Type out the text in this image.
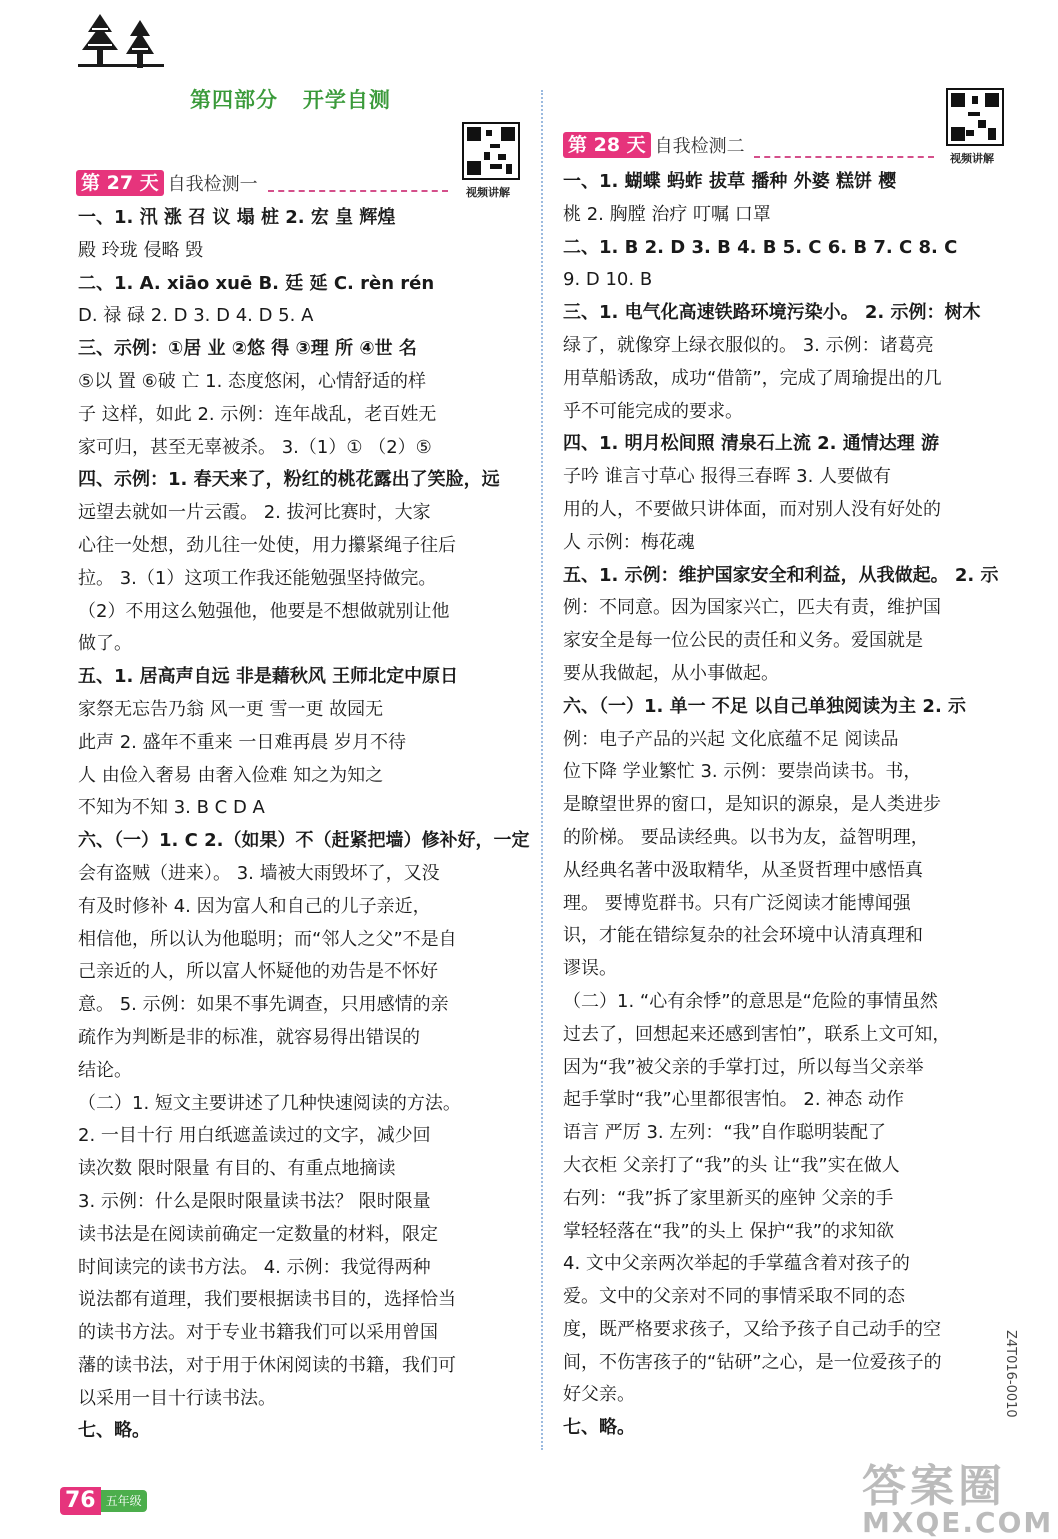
第四部分   开学自测
视频讲解
视频讲解
第 27 天 自我检测一
第 28 天 自我检测二
一、1. 汛 涨 召 议 塌 桩 2. 宏 皇 辉煌
殿 玲珑 侵略 毁
二、1. A. xiāo xuē B. 廷 延 C. rèn rén
D. 禄 碌 2. D 3. D 4. D 5. A
三、示例：①居 业 ②悠 得 ③理 所 ④世 名
⑤以 置 ⑥破 亡 1. 态度悠闲，心情舒适的样
子 这样，如此 2. 示例：连年战乱，老百姓无
家可归，甚至无辜被杀。 3.（1）① （2）⑤
四、示例：1. 春天来了，粉红的桃花露出了笑脸，远
远望去就如一片云霞。 2. 拔河比赛时，大家
心往一处想，劲儿往一处使，用力攥紧绳子往后
拉。 3.（1）这项工作我还能勉强坚持做完。
（2）不用这么勉强他，他要是不想做就别让他
做了。
五、1. 居高声自远 非是藉秋风 王师北定中原日
家祭无忘告乃翁 风一更 雪一更 故园无
此声 2. 盛年不重来 一日难再晨 岁月不待
人 由俭入奢易 由奢入俭难 知之为知之
不知为不知 3. B C D A
六、（一）1. C 2.（如果）不（赶紧把墙）修补好，一定
会有盗贼（进来）。 3. 墙被大雨毁坏了，又没
有及时修补 4. 因为富人和自己的儿子亲近，
相信他，所以认为他聪明；而“邻人之父”不是自
己亲近的人，所以富人怀疑他的劝告是不怀好
意。 5. 示例：如果不事先调查，只用感情的亲
疏作为判断是非的标准，就容易得出错误的
结论。
（二）1. 短文主要讲述了几种快速阅读的方法。
2. 一目十行 用白纸遮盖读过的文字，减少回
读次数 限时限量 有目的、有重点地摘读
3. 示例：什么是限时限量读书法？ 限时限量
读书法是在阅读前确定一定数量的材料，限定
时间读完的读书方法。 4. 示例：我觉得两种
说法都有道理，我们要根据读书目的，选择恰当
的读书方法。对于专业书籍我们可以采用曾国
藩的读书法，对于用于休闲阅读的书籍，我们可
以采用一目十行读书法。
七、略。
一、1. 蝴蝶 蚂蚱 拔草 播种 外婆 糕饼 樱
桃 2. 胸膛 治疗 叮嘱 口罩
二、1. B 2. D 3. B 4. B 5. C 6. B 7. C 8. C
9. D 10. B
三、1. 电气化高速铁路环境污染小。 2. 示例：树木
绿了，就像穿上绿衣服似的。 3. 示例：诸葛亮
用草船诱敌，成功“借箭”，完成了周瑜提出的几
乎不可能完成的要求。
四、1. 明月松间照 清泉石上流 2. 通情达理 游
子吟 谁言寸草心 报得三春晖 3. 人要做有
用的人，不要做只讲体面，而对别人没有好处的
人 示例：梅花魂
五、1. 示例：维护国家安全和利益，从我做起。 2. 示
例：不同意。因为国家兴亡，匹夫有责，维护国
家安全是每一位公民的责任和义务。爱国就是
要从我做起，从小事做起。
六、（一）1. 单一 不足 以自己单独阅读为主 2. 示
例：电子产品的兴起 文化底蕴不足 阅读品
位下降 学业繁忙 3. 示例：要崇尚读书。书，
是瞭望世界的窗口，是知识的源泉，是人类进步
的阶梯。 要品读经典。以书为友，益智明理，
从经典名著中汲取精华，从圣贤哲理中感悟真
理。 要博览群书。只有广泛阅读才能博闻强
识，才能在错综复杂的社会环境中认清真理和
谬误。
（二）1. “心有余悸”的意思是“危险的事情虽然
过去了，回想起来还感到害怕”，联系上文可知，
因为“我”被父亲的手掌打过，所以每当父亲举
起手掌时“我”心里都很害怕。 2. 神态 动作
语言 严厉 3. 左列：“我”自作聪明装配了
大衣柜 父亲打了“我”的头 让“我”实在做人
右列：“我”拆了家里新买的座钟 父亲的手
掌轻轻落在“我”的头上 保护“我”的求知欲
4. 文中父亲两次举起的手掌蕴含着对孩子的
爱。文中的父亲对不同的事情采取不同的态
度，既严格要求孩子，又给予孩子自己动手的空
间，不伤害孩子的“钻研”之心，是一位爱孩子的
好父亲。
七、略。
76 五年级
Z4T016-0010
答案圈
MXQE.COM
